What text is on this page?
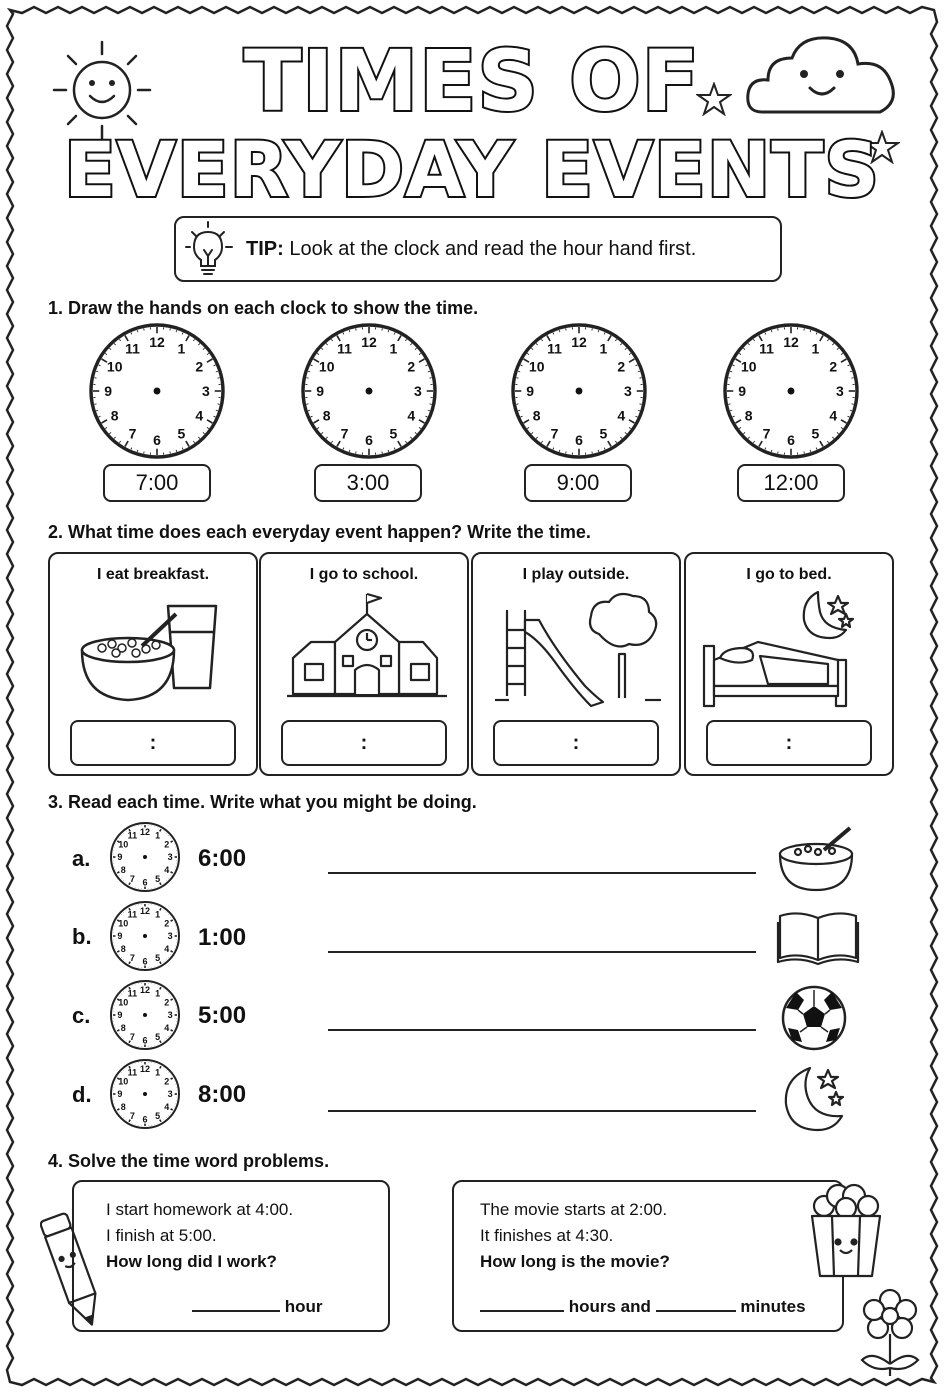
TIMES OF
EVERYDAY EVENTS
TIP: Look at the clock and read the hour hand first.
1. Draw the hands on each clock to show the time.
7:00	3:00	9:00	12:00
2. What time does each everyday event happen? Write the time.
I eat breakfast.
:
I go to school.
:
I play outside.
:
I go to bed.
:
3. Read each time. Write what you might be doing.
a.	6:00
b.	1:00
c.	5:00
d.	8:00
4. Solve the time word problems.
I start homework at 4:00.
I finish at 5:00.
How long did I work?
hour
The movie starts at 2:00.
It finishes at 4:30.
How long is the movie?
hours and	minutes
12 1
2
3
4
5
6
7
8
9
10
11	12 1
2
3
4
5
6
7
8
9
10
11	12 1
2
3
4
5
6
7
8
9
10
11	12 1
2
3
4
5
6
7
8
9
10
11
12 1
2
3
4
5
6
7
8
9
10
11
12 1
2
3
4
5
6
7
8
9
10
11
12 1
2
3
4
5
6
7
8
9
10
11
12 1
2
3
4
5
6
7
8
9
10
11
